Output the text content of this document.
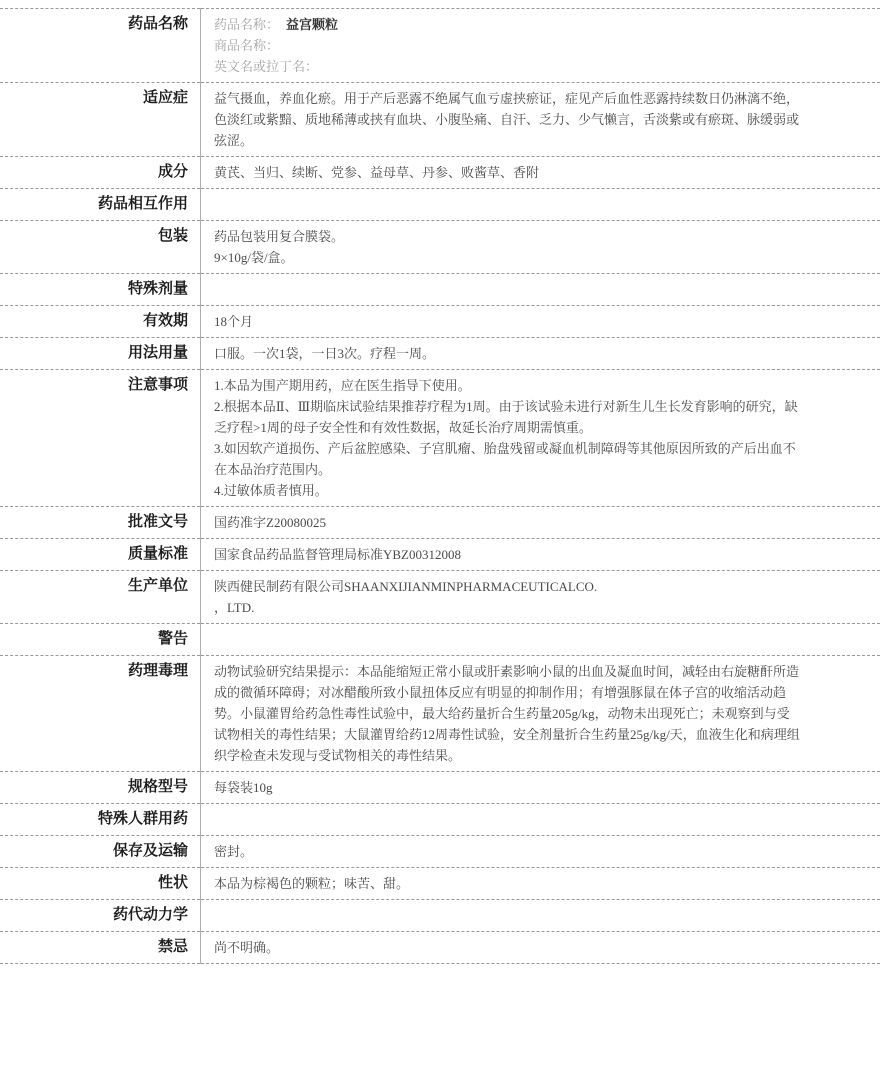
药品名称	药品名称： 益宫颗粒
商品名称：
英文名或拉丁名：

适应症	益气摄血，养血化瘀。用于产后恶露不绝属气血亏虚挟瘀证，症见产后血性恶露持续数日仍淋漓不绝，色淡红或紫黯、质地稀薄或挟有血块、小腹坠痛、自汗、乏力、少气懒言，舌淡紫或有瘀斑、脉缓弱或弦涩。

成分	黄芪、当归、续断、党参、益母草、丹参、败酱草、香附

药品相互作用	
包装	药品包装用复合膜袋。
9×10g/袋/盒。

特殊剂量	
有效期	18个月

用法用量	口服。一次1袋，一日3次。疗程一周。

注意事项	1.本品为围产期用药，应在医生指导下使用。
2.根据本品Ⅱ、Ⅲ期临床试验结果推荐疗程为1周。由于该试验未进行对新生儿生长发育影响的研究，缺乏疗程>1周的母子安全性和有效性数据，故延长治疗周期需慎重。
3.如因软产道损伤、产后盆腔感染、子宫肌瘤、胎盘残留或凝血机制障碍等其他原因所致的产后出血不在本品治疗范围内。
4.过敏体质者慎用。

批准文号	国药准字Z20080025

质量标准	国家食品药品监督管理局标准YBZ00312008

生产单位	陕西健民制药有限公司SHAANXIJIANMINPHARMACEUTICALCO.
，LTD.

警告	
药理毒理	动物试验研究结果提示：本品能缩短正常小鼠或肝素影响小鼠的出血及凝血时间，减轻由右旋糖酐所造成的微循环障碍；对冰醋酸所致小鼠扭体反应有明显的抑制作用；有增强豚鼠在体子宫的收缩活动趋势。小鼠灌胃给药急性毒性试验中，最大给药量折合生药量205g/kg，动物未出现死亡；未观察到与受试物相关的毒性结果；大鼠灌胃给药12周毒性试验，安全剂量折合生药量25g/kg/天，血液生化和病理组织学检查未发现与受试物相关的毒性结果。

规格型号	每袋装10g

特殊人群用药	
保存及运输	密封。

性状	本品为棕褐色的颗粒；味苦、甜。

药代动力学	
禁忌	尚不明确。
